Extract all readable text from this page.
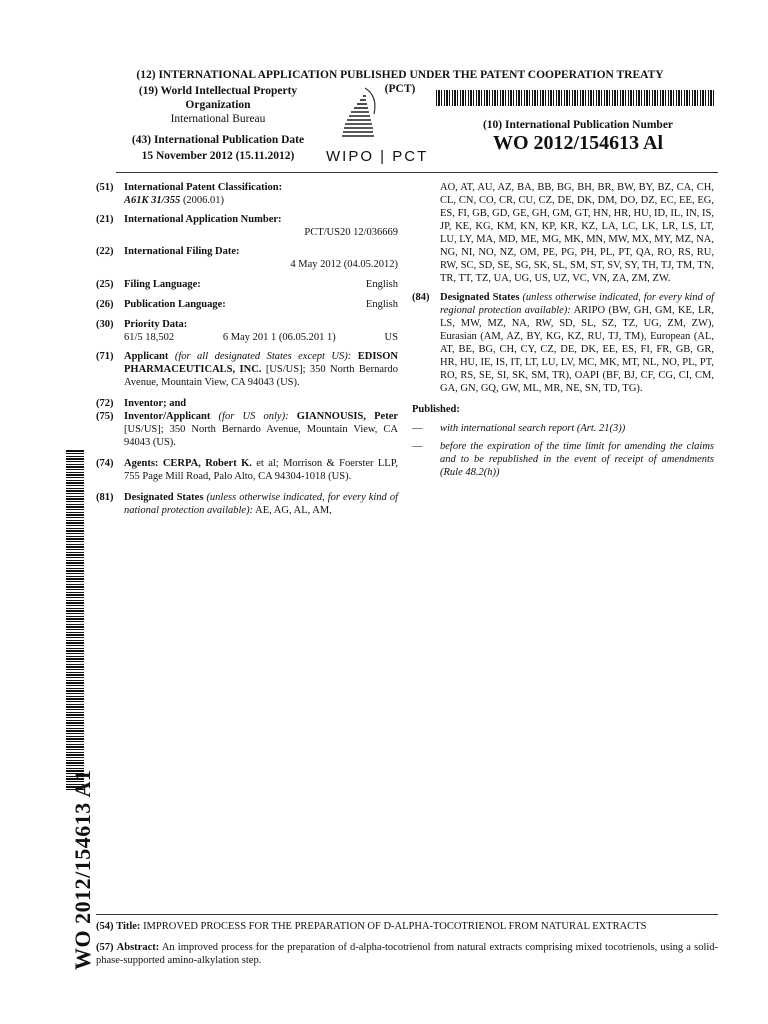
(12) INTERNATIONAL APPLICATION PUBLISHED UNDER THE PATENT COOPERATION TREATY (PCT)
(19) World Intellectual Property
Organization
International Bureau
WIPO | PCT
(43) International Publication Date
15 November 2012 (15.11.2012)
(10) International Publication Number
WO 2012/154613 Al
(51)	International Patent Classification:
A61K 31/355 (2006.01)
(21)	International Application Number:
PCT/US20 12/036669
(22)	International Filing Date:
4 May 2012 (04.05.2012)
(25)	Filing Language:	English
(26)	Publication Language:	English
(30)	Priority Data:
61/5 18,502	6 May 201 1 (06.05.201 1)	US
(71)	Applicant (for all designated States except US): EDISON PHARMACEUTICALS, INC. [US/US]; 350 North Bernardo Avenue, Mountain View, CA 94043 (US).
(72)	Inventor; and
(75)	Inventor/Applicant (for US only): GIANNOUSIS, Peter [US/US]; 350 North Bernardo Avenue, Mountain View, CA 94043 (US).
(74)	Agents: CERPA, Robert K. et al; Morrison & Foerster LLP, 755 Page Mill Road, Palo Alto, CA 94304-1018 (US).
(81)	Designated States (unless otherwise indicated, for every kind of national protection available): AE, AG, AL, AM,
AO, AT, AU, AZ, BA, BB, BG, BH, BR, BW, BY, BZ, CA, CH, CL, CN, CO, CR, CU, CZ, DE, DK, DM, DO, DZ, EC, EE, EG, ES, FI, GB, GD, GE, GH, GM, GT, HN, HR, HU, ID, IL, IN, IS, JP, KE, KG, KM, KN, KP, KR, KZ, LA, LC, LK, LR, LS, LT, LU, LY, MA, MD, ME, MG, MK, MN, MW, MX, MY, MZ, NA, NG, NI, NO, NZ, OM, PE, PG, PH, PL, PT, QA, RO, RS, RU, RW, SC, SD, SE, SG, SK, SL, SM, ST, SV, SY, TH, TJ, TM, TN, TR, TT, TZ, UA, UG, US, UZ, VC, VN, ZA, ZM, ZW.
(84)	Designated States (unless otherwise indicated, for every kind of regional protection available): ARIPO (BW, GH, GM, KE, LR, LS, MW, MZ, NA, RW, SD, SL, SZ, TZ, UG, ZM, ZW), Eurasian (AM, AZ, BY, KG, KZ, RU, TJ, TM), European (AL, AT, BE, BG, CH, CY, CZ, DE, DK, EE, ES, FI, FR, GB, GR, HR, HU, IE, IS, IT, LT, LU, LV, MC, MK, MT, NL, NO, PL, PT, RO, RS, SE, SI, SK, SM, TR), OAPI (BF, BJ, CF, CG, CI, CM, GA, GN, GQ, GW, ML, MR, NE, SN, TD, TG).
Published:
—	with international search report (Art. 21(3))
—	before the expiration of the time limit for amending the claims and to be republished in the event of receipt of amendments (Rule 48.2(h))
WO 2012/154613 A1 (54) Title: IMPROVED PROCESS FOR THE PREPARATION OF D-ALPHA-TOCOTRIENOL FROM NATURAL EXTRACTS
(57) Abstract: An improved process for the preparation of d-alpha-tocotrienol from natural extracts comprising mixed tocotrienols, using a solid-phase-supported amino-alkylation step.
